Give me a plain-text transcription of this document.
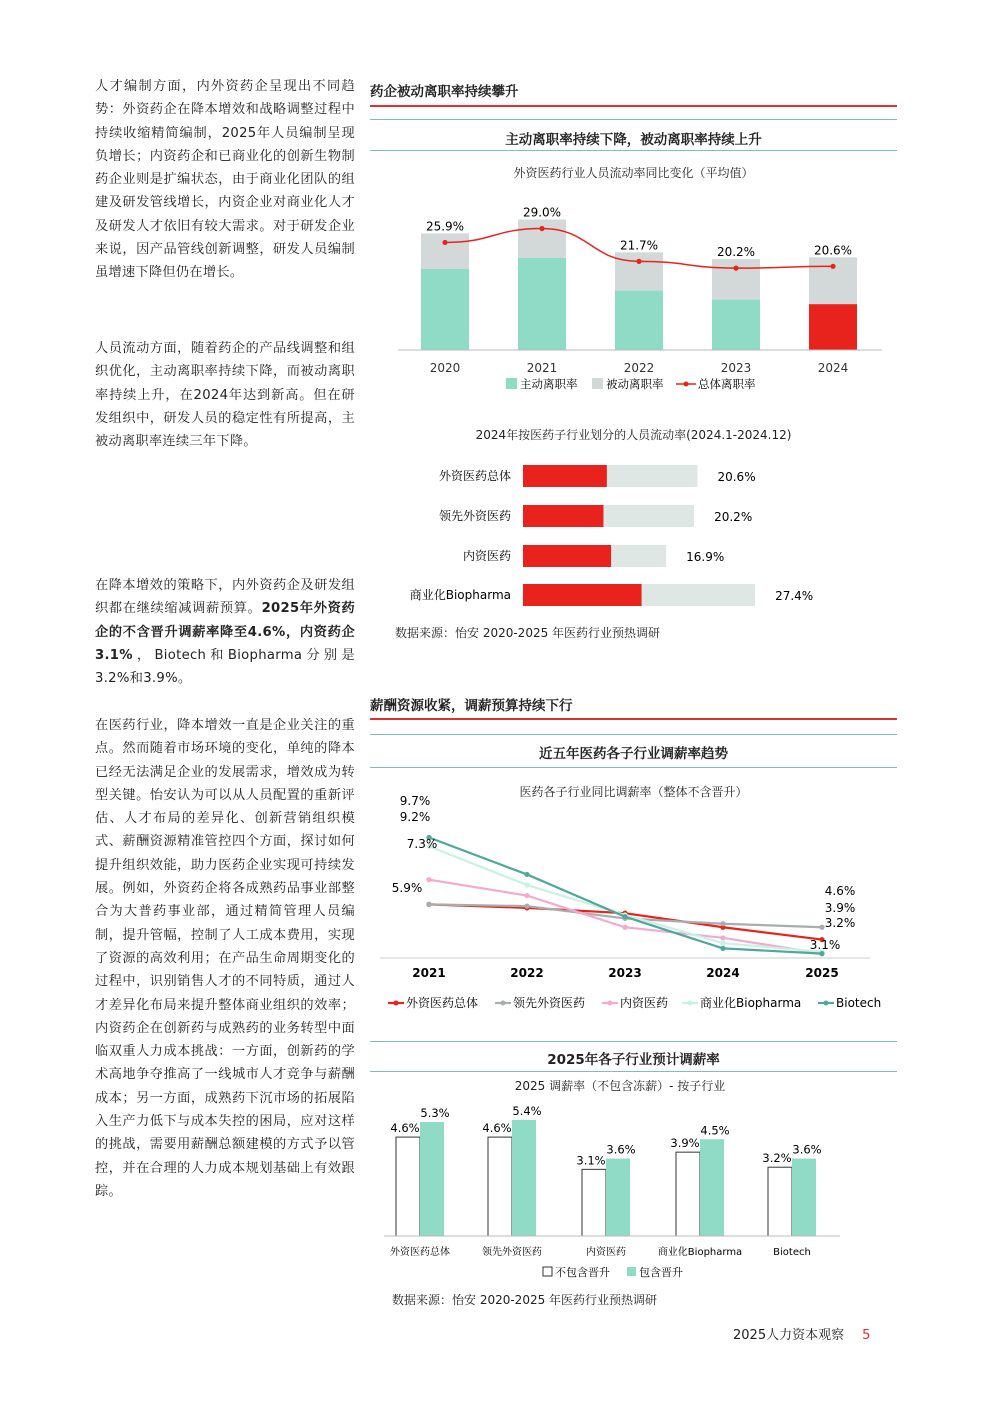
人才编制方面，内外资药企呈现出不同趋势：外资药企在降本增效和战略调整过程中持续收缩精简编制，2025年人员编制呈现负增长；内资药企和已商业化的创新生物制药企业则是扩编状态，由于商业化团队的组建及研发管线增长，内资企业对商业化人才及研发人才依旧有较大需求。对于研发企业来说，因产品管线创新调整，研发人员编制虽增速下降但仍在增长。

人员流动方面，随着药企的产品线调整和组织优化，主动离职率持续下降，而被动离职率持续上升，在2024年达到新高。但在研发组织中，研发人员的稳定性有所提高，主被动离职率连续三年下降。

在降本增效的策略下，内外资药企及研发组织都在继续缩减调薪预算。2025年外资药企的不含晋升调薪率降至4.6%，内资药企3.1%，Biotech和Biopharma分别是3.2%和3.9%。

在医药行业，降本增效一直是企业关注的重点。然而随着市场环境的变化，单纯的降本已经无法满足企业的发展需求，增效成为转型关键。怡安认为可以从人员配置的重新评估、人才布局的差异化、创新营销组织模式、薪酬资源精准管控四个方面，探讨如何提升组织效能，助力医药企业实现可持续发展。例如，外资药企将各成熟药品事业部整合为大普药事业部，通过精简管理人员编制，提升管幅，控制了人工成本费用，实现了资源的高效利用；在产品生命周期变化的过程中，识别销售人才的不同特质，通过人才差异化布局来提升整体商业组织的效率；内资药企在创新药与成熟药的业务转型中面临双重人力成本挑战：一方面，创新药的学术高地争夺推高了一线城市人才竞争与薪酬成本；另一方面，成熟药下沉市场的拓展陷入生产力低下与成本失控的困局，应对这样的挑战，需要用薪酬总额建模的方式予以管控，并在合理的人力成本规划基础上有效跟踪。

药企被动离职率持续攀升
主动离职率持续下降，被动离职率持续上升
外资医药行业人员流动率同比变化（平均值）
25.9%
29.0%
21.7%	20.2%	20.6%
2020	2021	2022	2023	2024
主动离职率 被动离职率	总体离职率
2024年按医药子行业划分的人员流动率(2024.1-2024.12)
外资医药总体	20.6%
领先外资医药	20.2%
内资医药	16.9%
商业化Biopharma	27.4%
数据来源：怡安 2020-2025 年医药行业预热调研
薪酬资源收紧，调薪预算持续下行
近五年医药各子行业调薪率趋势
医药各子行业同比调薪率（整体不含晋升）
9.7%
9.2%
7.3%
5.9%	4.6%
3.9%
3.2%
3.1%
2021	2022	2023	2024	2025
外资医药总体	领先外资医药	内资医药	商业化Biopharma	Biotech
2025年各子行业预计调薪率
2025 调薪率（不包含冻薪）- 按子行业
4.6%
5.3%
外资医药总体
4.6%
5.4%
领先外资医药
3.1%
3.6%
内资医药
3.9%
4.5%
商业化Biopharma
3.2%
3.6%
Biotech
不包含晋升	包含晋升
数据来源：怡安 2020-2025 年医药行业预热调研
2025人力资本观察 5
